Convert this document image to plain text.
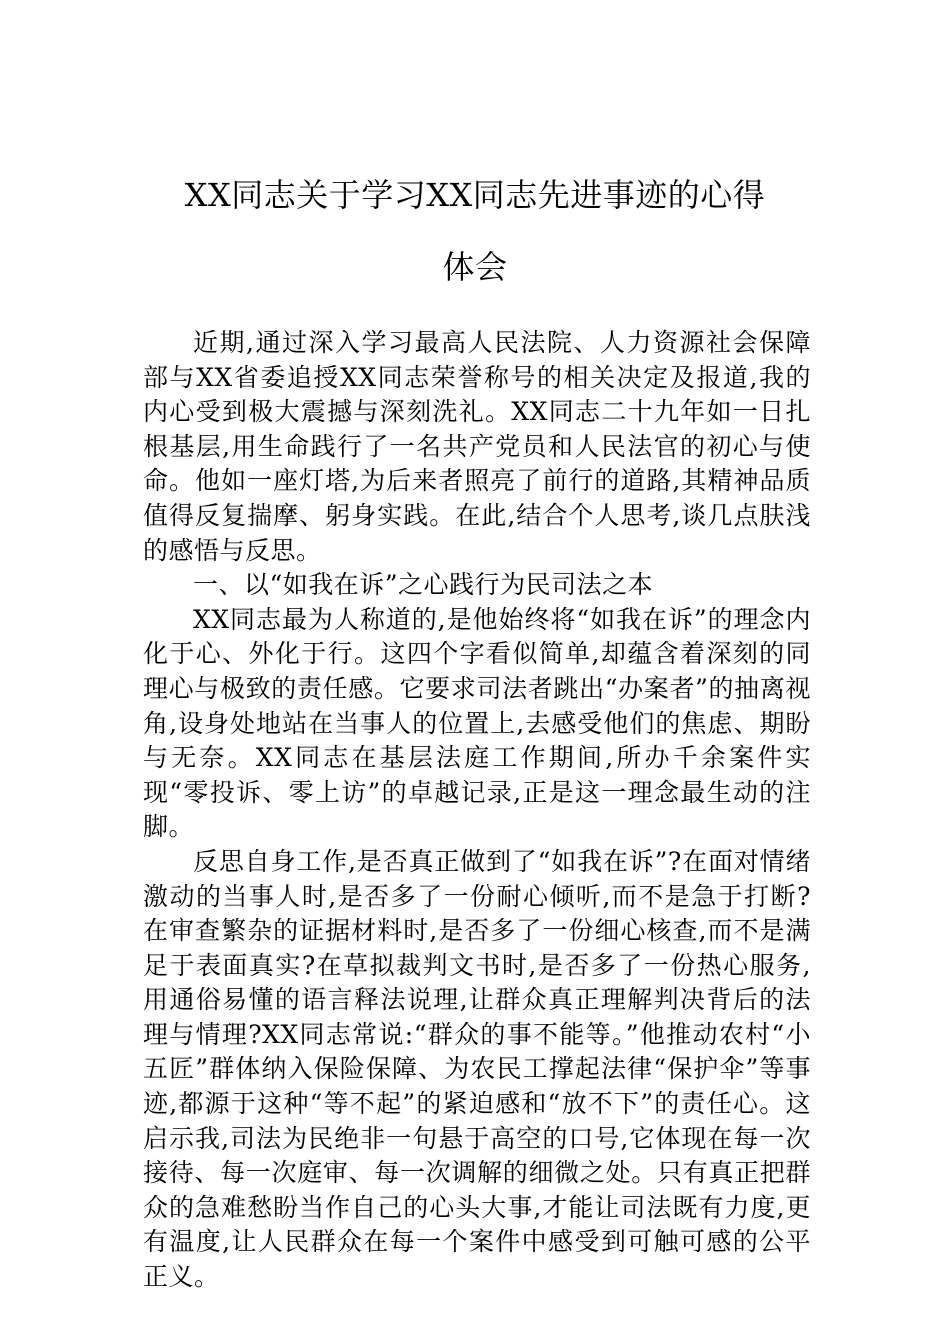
XX同志关于学习XX同志先进事迹的心得
体会

近期,通过深入学习最高人民法院、人力资源社会保障部与XX省委追授XX同志荣誉称号的相关决定及报道,我的内心受到极大震撼与深刻洗礼。XX同志二十九年如一日扎根基层,用生命践行了一名共产党员和人民法官的初心与使命。他如一座灯塔,为后来者照亮了前行的道路,其精神品质值得反复揣摩、躬身实践。在此,结合个人思考,谈几点肤浅的感悟与反思。

一、以“如我在诉”之心践行为民司法之本

XX同志最为人称道的,是他始终将“如我在诉”的理念内化于心、外化于行。这四个字看似简单,却蕴含着深刻的同理心与极致的责任感。它要求司法者跳出“办案者”的抽离视角,设身处地站在当事人的位置上,去感受他们的焦虑、期盼与无奈。XX同志在基层法庭工作期间,所办千余案件实现“零投诉、零上访”的卓越记录,正是这一理念最生动的注脚。

反思自身工作,是否真正做到了“如我在诉”?在面对情绪激动的当事人时,是否多了一份耐心倾听,而不是急于打断?在审查繁杂的证据材料时,是否多了一份细心核查,而不是满足于表面真实?在草拟裁判文书时,是否多了一份热心服务,用通俗易懂的语言释法说理,让群众真正理解判决背后的法理与情理?XX同志常说:“群众的事不能等。”他推动农村“小五匠”群体纳入保险保障、为农民工撑起法律“保护伞”等事迹,都源于这种“等不起”的紧迫感和“放不下”的责任心。这启示我,司法为民绝非一句悬于高空的口号,它体现在每一次接待、每一次庭审、每一次调解的细微之处。只有真正把群众的急难愁盼当作自己的心头大事,才能让司法既有力度,更有温度,让人民群众在每一个案件中感受到可触可感的公平正义。
